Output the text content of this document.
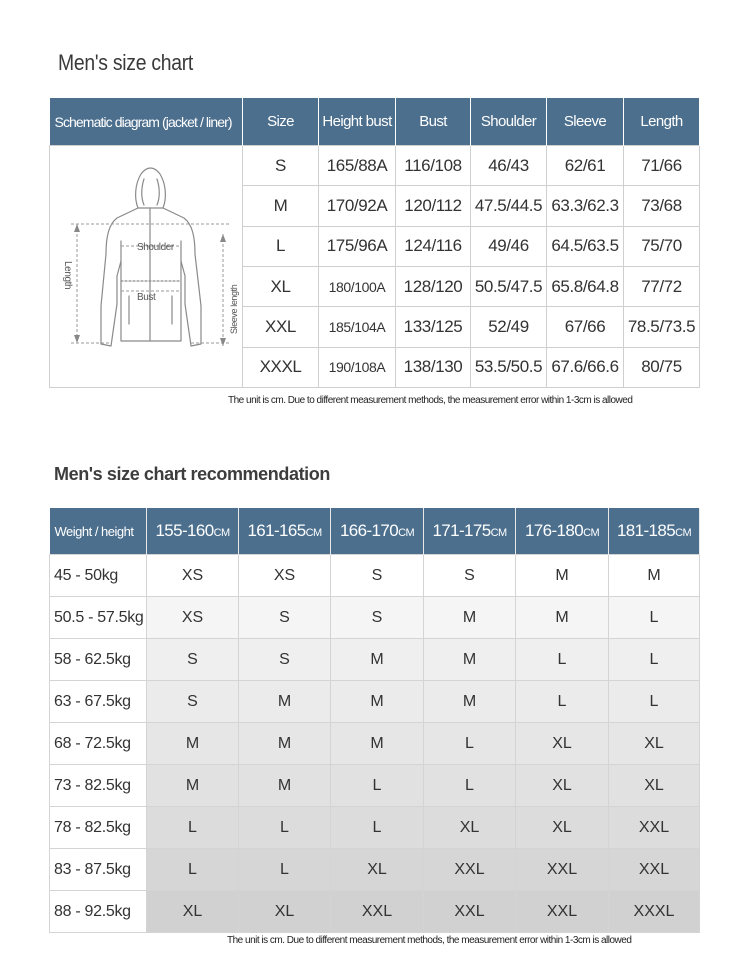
Men's size chart
Schematic diagram (jacket / liner)	Size	Height bust	Bust	Shoulder	Sleeve	Length

Shoulder
Bust
Length
Sleeve length	S	165/88A	116/108	46/43	62/61	71/66
	M	170/92A	120/112	47.5/44.5	63.3/62.3	73/68
	L	175/96A	124/116	49/46	64.5/63.5	75/70
	XL	180/100A	128/120	50.5/47.5	65.8/64.8	77/72
	XXL	185/104A	133/125	52/49	67/66	78.5/73.5
	XXXL	190/108A	138/130	53.5/50.5	67.6/66.6	80/75
The unit is cm. Due to different measurement methods, the measurement error within 1-3cm is allowed
Men's size chart recommendation
Weight / height	155-160CM	161-165CM	166-170CM	171-175CM	176-180CM	181-185CM
45 - 50kg	XS	XS	S	S	M	M
50.5 - 57.5kg	XS	S	S	M	M	L
58 - 62.5kg	S	S	M	M	L	L
63 - 67.5kg	S	M	M	M	L	L
68 - 72.5kg	M	M	M	L	XL	XL
73 - 82.5kg	M	M	L	L	XL	XL
78 - 82.5kg	L	L	L	XL	XL	XXL
83 - 87.5kg	L	L	XL	XXL	XXL	XXL
88 - 92.5kg	XL	XL	XXL	XXL	XXL	XXXL
The unit is cm. Due to different measurement methods, the measurement error within 1-3cm is allowed
